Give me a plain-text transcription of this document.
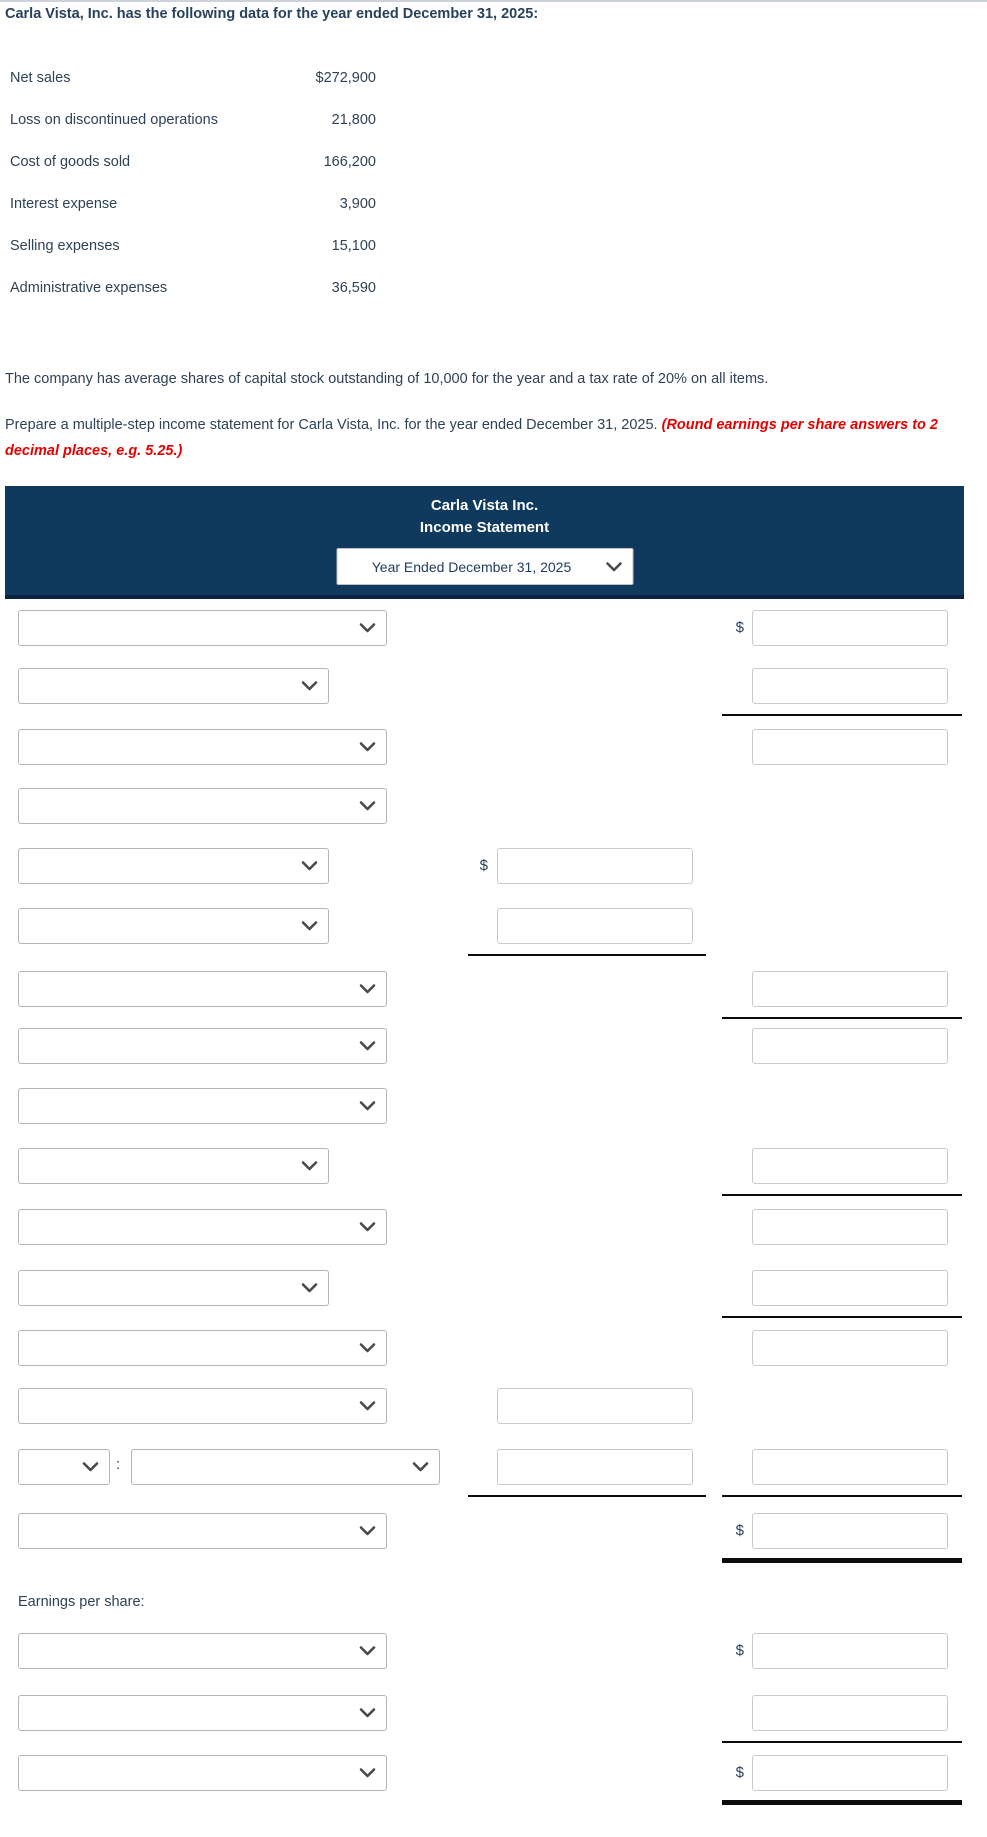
Carla Vista, Inc. has the following data for the year ended December 31, 2025:
Net sales	$272,900
Loss on discontinued operations	21,800
Cost of goods sold	166,200
Interest expense	3,900
Selling expenses	15,100
Administrative expenses	36,590
The company has average shares of capital stock outstanding of 10,000 for the year and a tax rate of 20% on all items.
Prepare a multiple-step income statement for Carla Vista, Inc. for the year ended December 31, 2025. (Round earnings per share answers to 2 decimal places, e.g. 5.25.)
Carla Vista Inc.
Income Statement
Year Ended December 31, 2025
$
$
:
$
$
$
Earnings per share:
